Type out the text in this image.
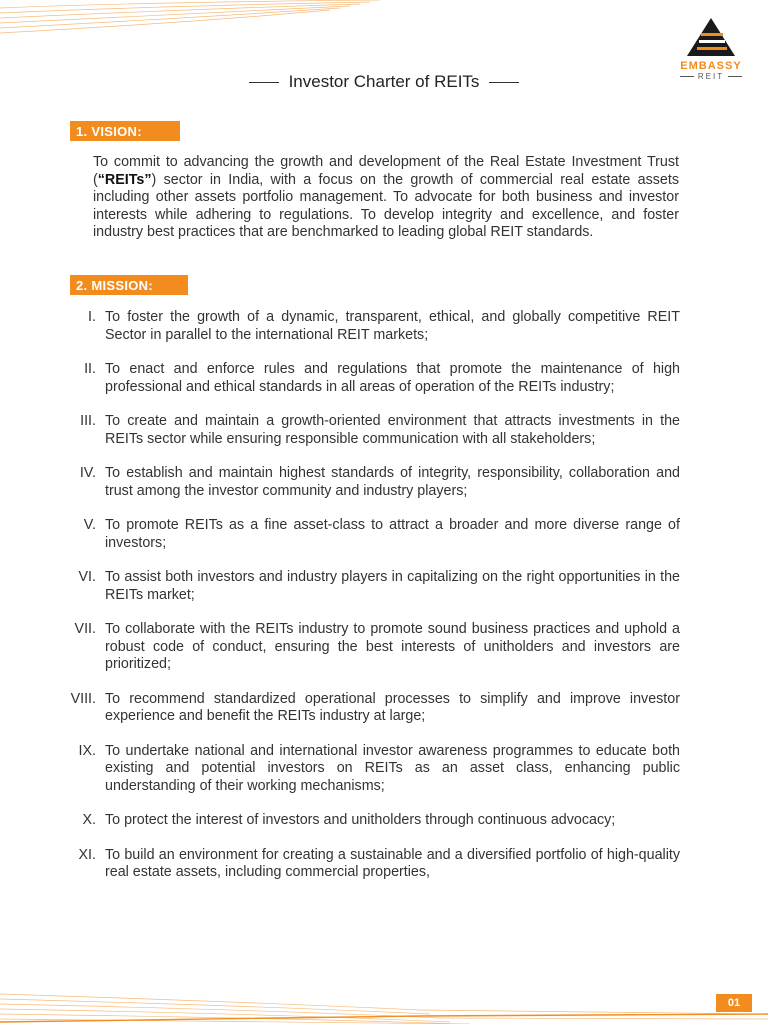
EMBASSY
REIT
Investor Charter of REITs
1. VISION:
To commit to advancing the growth and development of the Real Estate Investment Trust (“REITs”) sector in India, with a focus on the growth of commercial real estate assets including other assets portfolio management. To advocate for both business and investor interests while adhering to regulations. To develop integrity and excellence, and foster industry best practices that are benchmarked to leading global REIT standards.
2. MISSION:
I. To foster the growth of a dynamic, transparent, ethical, and globally competitive REIT Sector in parallel to the international REIT markets;
II. To enact and enforce rules and regulations that promote the maintenance of high professional and ethical standards in all areas of operation of the REITs industry;
III. To create and maintain a growth-oriented environment that attracts investments in the REITs sector while ensuring responsible communication with all stakeholders;
IV. To establish and maintain highest standards of integrity, responsibility, collaboration and trust among the investor community and industry players;
V. To promote REITs as a fine asset-class to attract a broader and more diverse range of investors;
VI. To assist both investors and industry players in capitalizing on the right opportunities in the REITs market;
VII. To collaborate with the REITs industry to promote sound business practices and uphold a robust code of conduct, ensuring the best interests of unitholders and investors are prioritized;
VIII. To recommend standardized operational processes to simplify and improve investor experience and benefit the REITs industry at large;
IX. To undertake national and international investor awareness programmes to educate both existing and potential investors on REITs as an asset class, enhancing public understanding of their working mechanisms;
X. To protect the interest of investors and unitholders through continuous advocacy;
XI. To build an environment for creating a sustainable and a diversified portfolio of high-quality real estate assets, including commercial properties,
01
